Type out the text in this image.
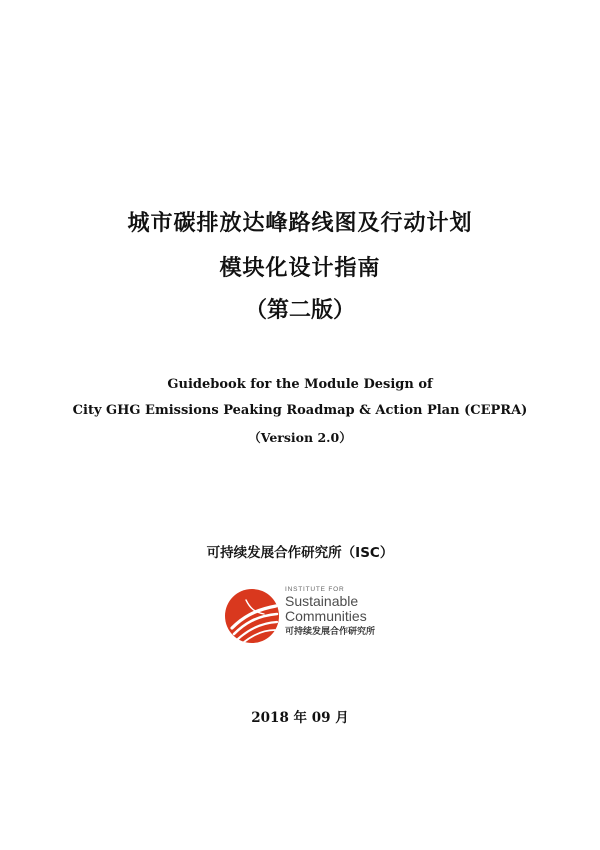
城市碳排放达峰路线图及行动计划
模块化设计指南
（第二版）
Guidebook for the Module Design of
City GHG Emissions Peaking Roadmap & Action Plan (CEPRA)
（Version 2.0）
可持续发展合作研究所（ISC）
INSTITUTE FOR
Sustainable
Communities
可持续发展合作研究所
2018 年 09 月
